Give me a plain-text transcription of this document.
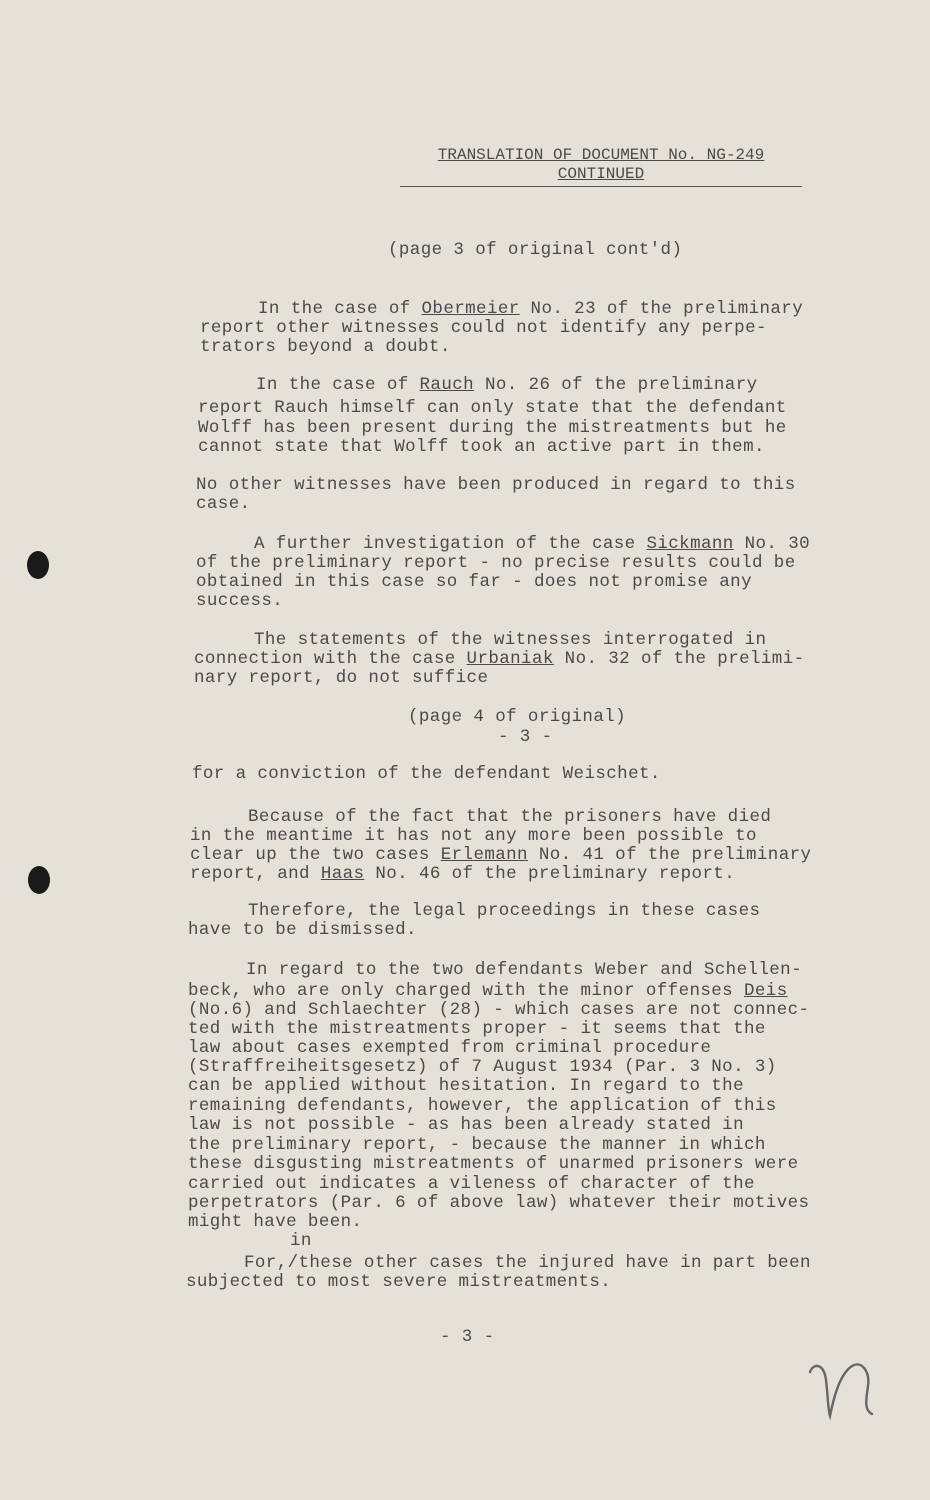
TRANSLATION OF DOCUMENT No. NG-249
CONTINUED
(page 3 of original cont'd)
In the case of Obermeier No. 23 of the preliminary
report other witnesses could not identify any perpe-
trators beyond a doubt.
In the case of Rauch No. 26 of the preliminary
report Rauch himself can only state that the defendant
Wolff has been present during the mistreatments but he
cannot state that Wolff took an active part in them.
No other witnesses have been produced in regard to this
case.
A further investigation of the case Sickmann No. 30
of the preliminary report - no precise results could be
obtained in this case so far - does not promise any
success.
The statements of the witnesses interrogated in
connection with the case Urbaniak No. 32 of the prelimi-
nary report, do not suffice
(page 4 of original)
- 3 -
for a conviction of the defendant Weischet.
Because of the fact that the prisoners have died
in the meantime it has not any more been possible to
clear up the two cases Erlemann No. 41 of the preliminary
report, and Haas No. 46 of the preliminary report.
Therefore, the legal proceedings in these cases
have to be dismissed.
In regard to the two defendants Weber and Schellen-
beck, who are only charged with the minor offenses Deis
(No.6) and Schlaechter (28) - which cases are not connec-
ted with the mistreatments proper - it seems that the
law about cases exempted from criminal procedure
(Straffreiheitsgesetz) of 7 August 1934 (Par. 3 No. 3)
can be applied without hesitation. In regard to the
remaining defendants, however, the application of this
law is not possible - as has been already stated in
the preliminary report, - because the manner in which
these disgusting mistreatments of unarmed prisoners were
carried out indicates a vileness of character of the
perpetrators (Par. 6 of above law) whatever their motives
might have been.
in
For,/these other cases the injured have in part been
subjected to most severe mistreatments.
- 3 -
